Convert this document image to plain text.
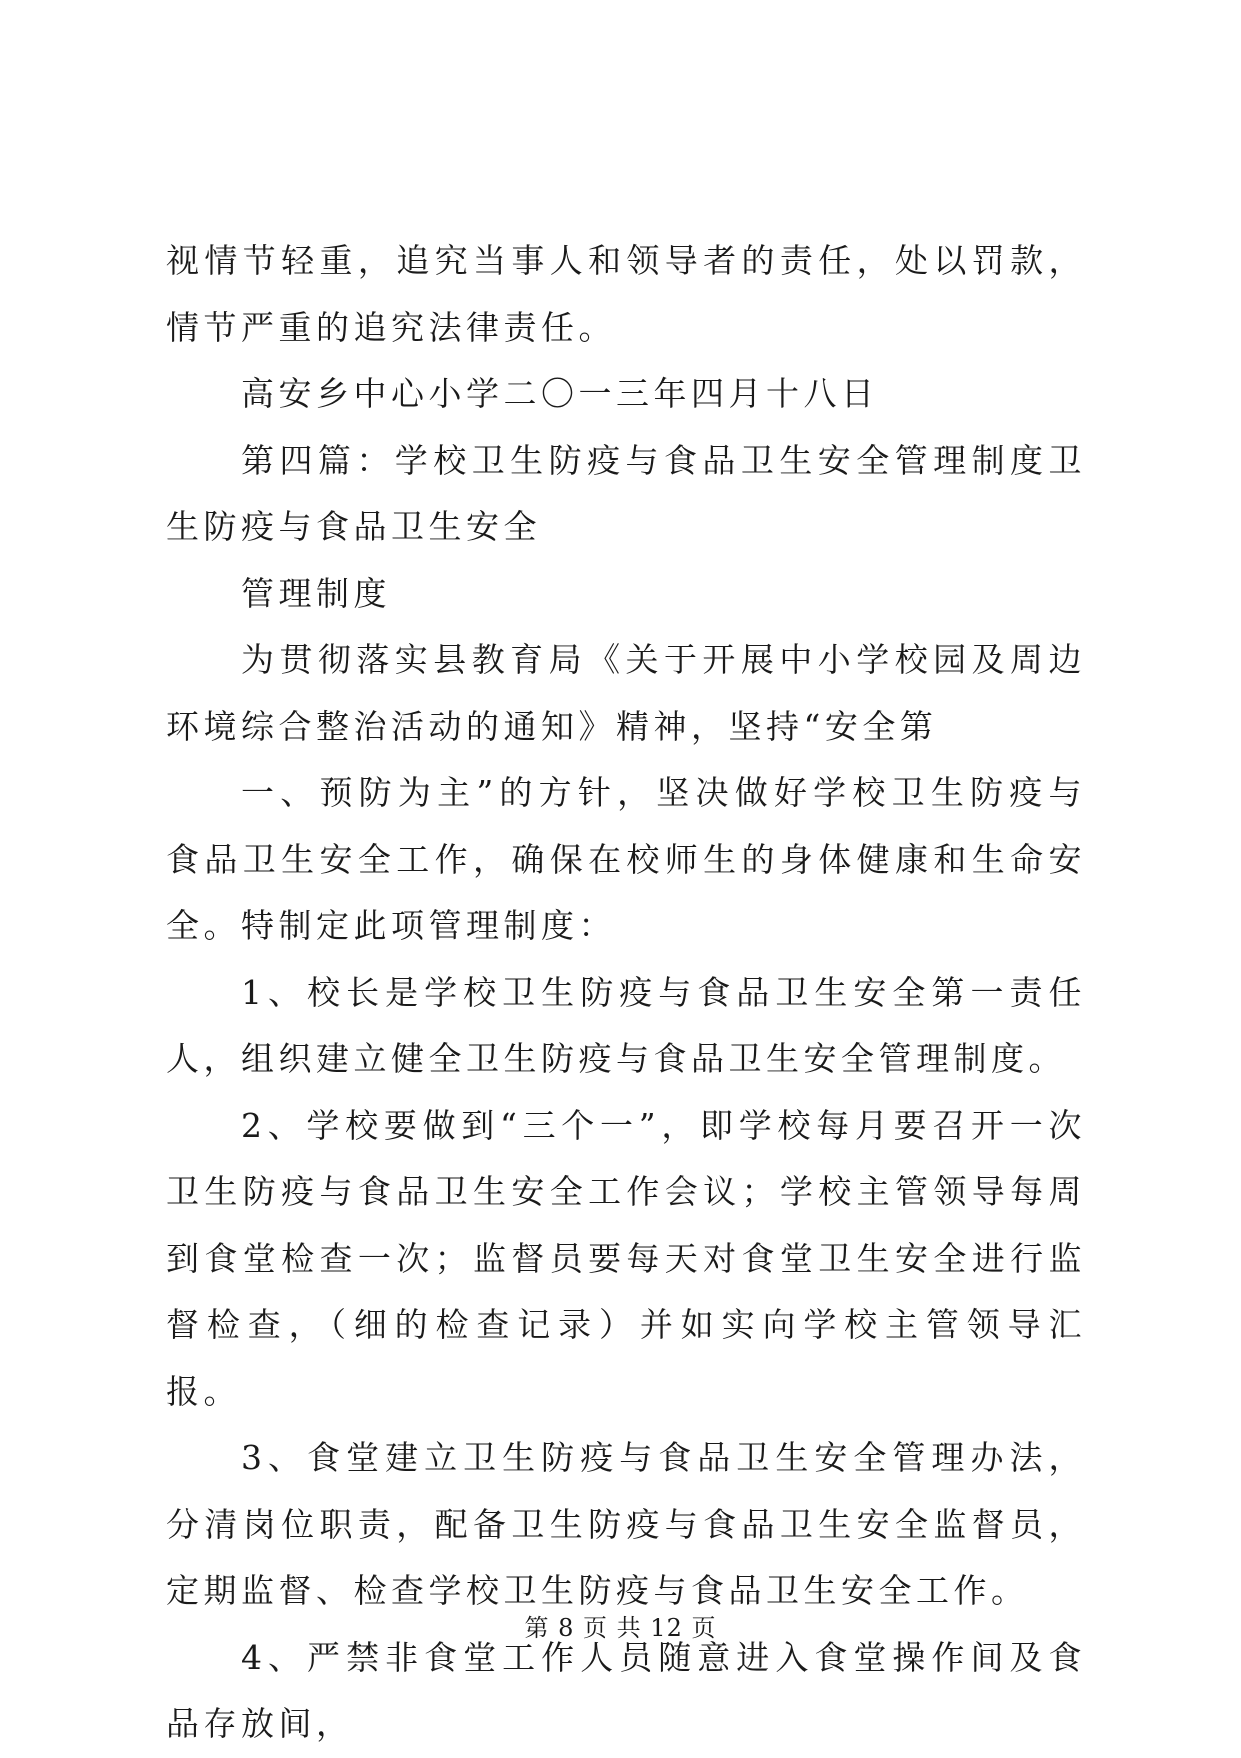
视情节轻重，追究当事人和领导者的责任，处以罚款，情节严重的追究法律责任。

高安乡中心小学二〇一三年四月十八日

第四篇：学校卫生防疫与食品卫生安全管理制度卫生防疫与食品卫生安全

管理制度

为贯彻落实县教育局《关于开展中小学校园及周边环境综合整治活动的通知》精神，坚持“安全第

一、预防为主”的方针，坚决做好学校卫生防疫与食品卫生安全工作，确保在校师生的身体健康和生命安全。特制定此项管理制度：

1、校长是学校卫生防疫与食品卫生安全第一责任人，组织建立健全卫生防疫与食品卫生安全管理制度。

2、学校要做到“三个一”，即学校每月要召开一次卫生防疫与食品卫生安全工作会议；学校主管领导每周到食堂检查一次；监督员要每天对食堂卫生安全进行监督检查，（细的检查记录）并如实向学校主管领导汇报。

3、食堂建立卫生防疫与食品卫生安全管理办法，分清岗位职责，配备卫生防疫与食品卫生安全监督员，定期监督、检查学校卫生防疫与食品卫生安全工作。

4、严禁非食堂工作人员随意进入食堂操作间及食品存放间，

第 8 页 共 12 页
